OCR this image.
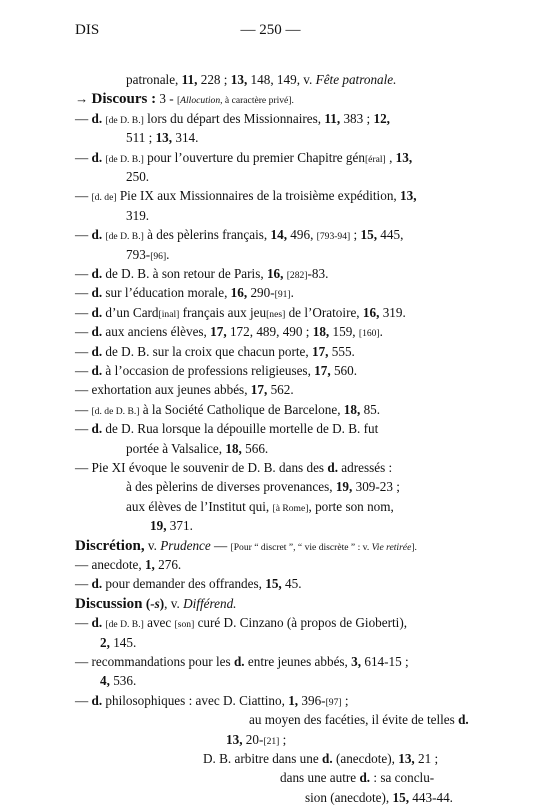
DIS	— 250 —
patronale, 11, 228 ; 13, 148, 149, v. Fête patronale.
→ Discours : 3 - [Allocution, à caractère privé].
— d. [de D. B.] lors du départ des Missionnaires, 11, 383 ; 12,
511 ; 13, 314.
— d. [de D. B.] pour l’ouverture du premier Chapitre gén[éral] , 13,
250.
— [d. de] Pie IX aux Missionnaires de la troisième expédition, 13,
319.
— d. [de D. B.] à des pèlerins français, 14, 496, [793-94] ; 15, 445,
793-[96].
— d. de D. B. à son retour de Paris, 16, [282]-83.
— d. sur l’éducation morale, 16, 290-[91].
— d. d’un Card[inal] français aux jeu[nes] de l’Oratoire, 16, 319.
— d. aux anciens élèves, 17, 172, 489, 490 ; 18, 159, [160].
— d. de D. B. sur la croix que chacun porte, 17, 555.
— d. à l’occasion de professions religieuses, 17, 560.
— exhortation aux jeunes abbés, 17, 562.
— [d. de D. B.] à la Société Catholique de Barcelone, 18, 85.
— d. de D. Rua lorsque la dépouille mortelle de D. B. fut
portée à Valsalice, 18, 566.
— Pie XI évoque le souvenir de D. B. dans des d. adressés :
à des pèlerins de diverses provenances, 19, 309-23 ;
aux élèves de l’Institut qui, [à Rome], porte son nom,
19, 371.
Discrétion, v. Prudence — [Pour “ discret ”, “ vie discrète ” : v. Vie retirée].
— anecdote, 1, 276.
— d. pour demander des offrandes, 15, 45.
Discussion (-s), v. Différend.
— d. [de D. B.] avec [son] curé D. Cinzano (à propos de Gioberti),
2, 145.
— recommandations pour les d. entre jeunes abbés, 3, 614-15 ;
4, 536.
— d. philosophiques : avec D. Ciattino, 1, 396-[97] ;
au moyen des facéties, il évite de telles d.
13, 20-[21] ;
D. B. arbitre dans une d. (anecdote), 13, 21 ;
dans une autre d. : sa conclu-
sion (anecdote), 15, 443-44.
